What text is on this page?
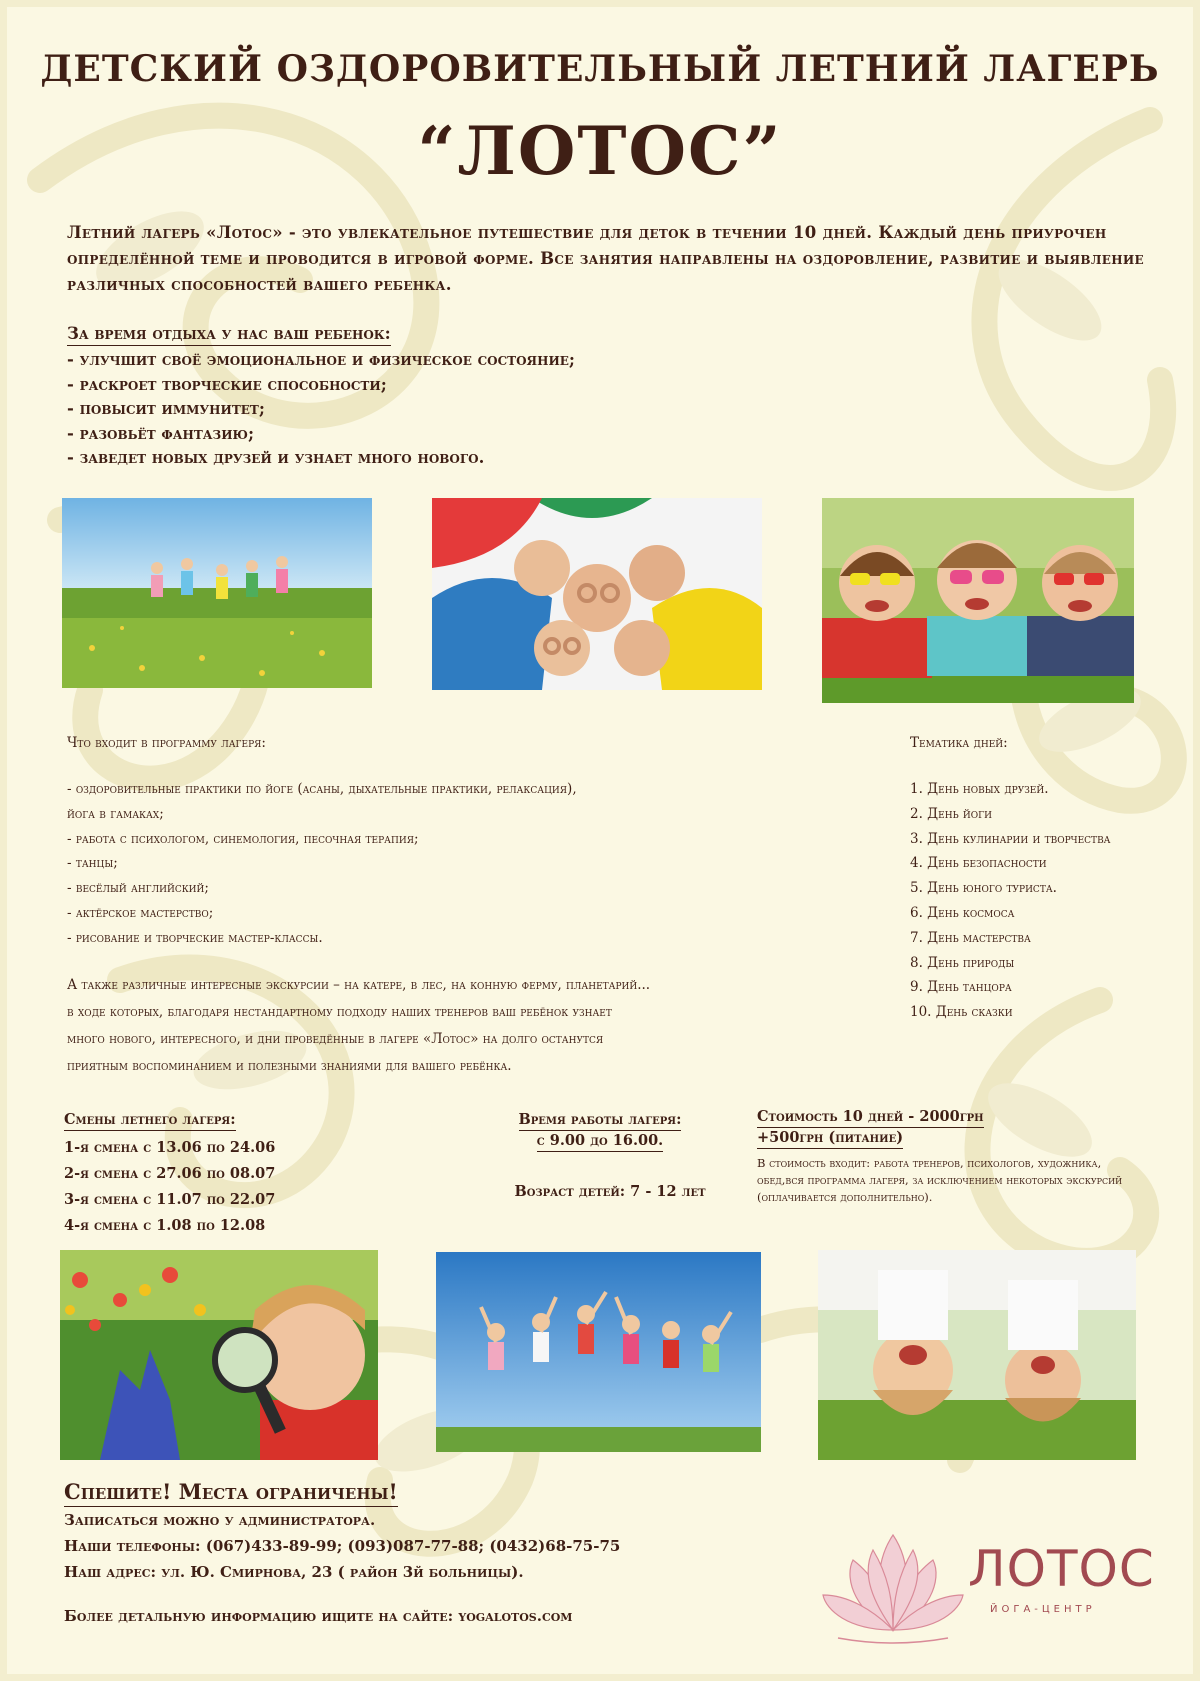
ДЕТСКИЙ ОЗДОРОВИТЕЛЬНЫЙ ЛЕТНИЙ ЛАГЕРЬ
“ЛОТОС”
Летний лагерь «Лотос» - это увлекательное путешествие для деток в течении 10 дней. Каждый день приурочен определённой теме и проводится в игровой форме. Все занятия направлены на оздоровление, развитие и выявление различных способностей вашего ребенка.
За время отдыха у нас ваш ребенок:
- улучшит своё эмоциональное и физическое состояние;
- раскроет творческие способности;
- повысит иммунитет;
- разовьёт фантазию;
- заведет новых друзей и узнает много нового.
Что входит в программу лагеря:
- оздоровительные практики по йоге (асаны, дыхательные практики, релаксация),
йога в гамаках;
- работа с психологом, синемология, песочная терапия;
- танцы;
- весёлый английский;
- актёрское мастерство;
- рисование и творческие мастер-классы.
А также различные интересные экскурсии – на катере, в лес, на конную ферму, планетарий...
в ходе которых, благодаря нестандартному подходу наших тренеров ваш ребёнок узнает
много нового, интересного, и дни проведённые в лагере «Лотос» на долго останутся
приятным воспоминанием и полезными знаниями для вашего ребёнка.
Тематика дней:
1. День новых друзей.
2. День йоги
3. День кулинарии и творчества
4. День безопасности
5. День юного туриста.
6. День космоса
7. День мастерства
8. День природы
9. День танцора
10. День сказки
Смены летнего лагеря:
1-я смена с 13.06 по 24.06
2-я смена с 27.06 по 08.07
3-я смена с 11.07 по 22.07
4-я смена с 1.08 по 12.08
Время работы лагеря:
с 9.00 до 16.00.
Возраст детей: 7 - 12 лет
Стоимость 10 дней - 2000грн
+500грн (питание)
В стоимость входит: работа тренеров, психологов, художника, обед,вся программа лагеря, за исключением некоторых экскурсий (оплачивается дополнительно).
Спешите! Места ограничены!
Записаться можно у администратора.
Наши телефоны: (067)433-89-99; (093)087-77-88; (0432)68-75-75
Наш адрес: ул. Ю. Смирнова, 23 ( район 3й больницы).
Более детальную информацию ищите на сайте: yogalotos.com
ЛОТОС
ЙОГА-ЦЕНТР
